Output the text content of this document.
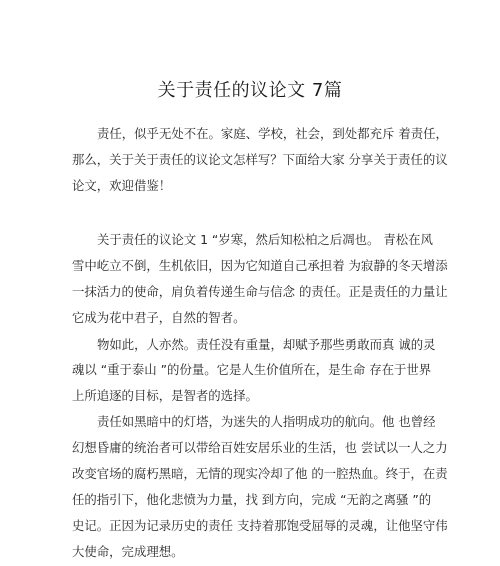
关于责任的议论文 7篇
责任，似乎无处不在。家庭、学校，社会，到处都充斥 着责任，
那么，关于关于责任的议论文怎样写？下面给大家 分享关于责任的议
论文，欢迎借鉴！
关于责任的议论文 1 “岁寒，然后知松柏之后凋也。 青松在风
雪中屹立不倒，生机依旧，因为它知道自己承担着 为寂静的冬天增添
一抹活力的使命，肩负着传递生命与信念 的责任。正是责任的力量让
它成为花中君子，自然的智者。
物如此，人亦然。责任没有重量，却赋予那些勇敢而真 诚的灵
魂以 “重于泰山 ”的份量。它是人生价值所在，是生命 存在于世界
上所追逐的目标，是智者的选择。
责任如黑暗中的灯塔，为迷失的人指明成功的航向。他 也曾经
幻想昏庸的统治者可以带给百姓安居乐业的生活，也 尝试以一人之力
改变官场的腐朽黑暗，无情的现实冷却了他 的一腔热血。终于，在责
任的指引下，他化悲愤为力量，找 到方向，完成 “无韵之离骚 ”的
史记。正因为记录历史的责任 支持着那饱受屈辱的灵魂，让他坚守伟
大使命，完成理想。
